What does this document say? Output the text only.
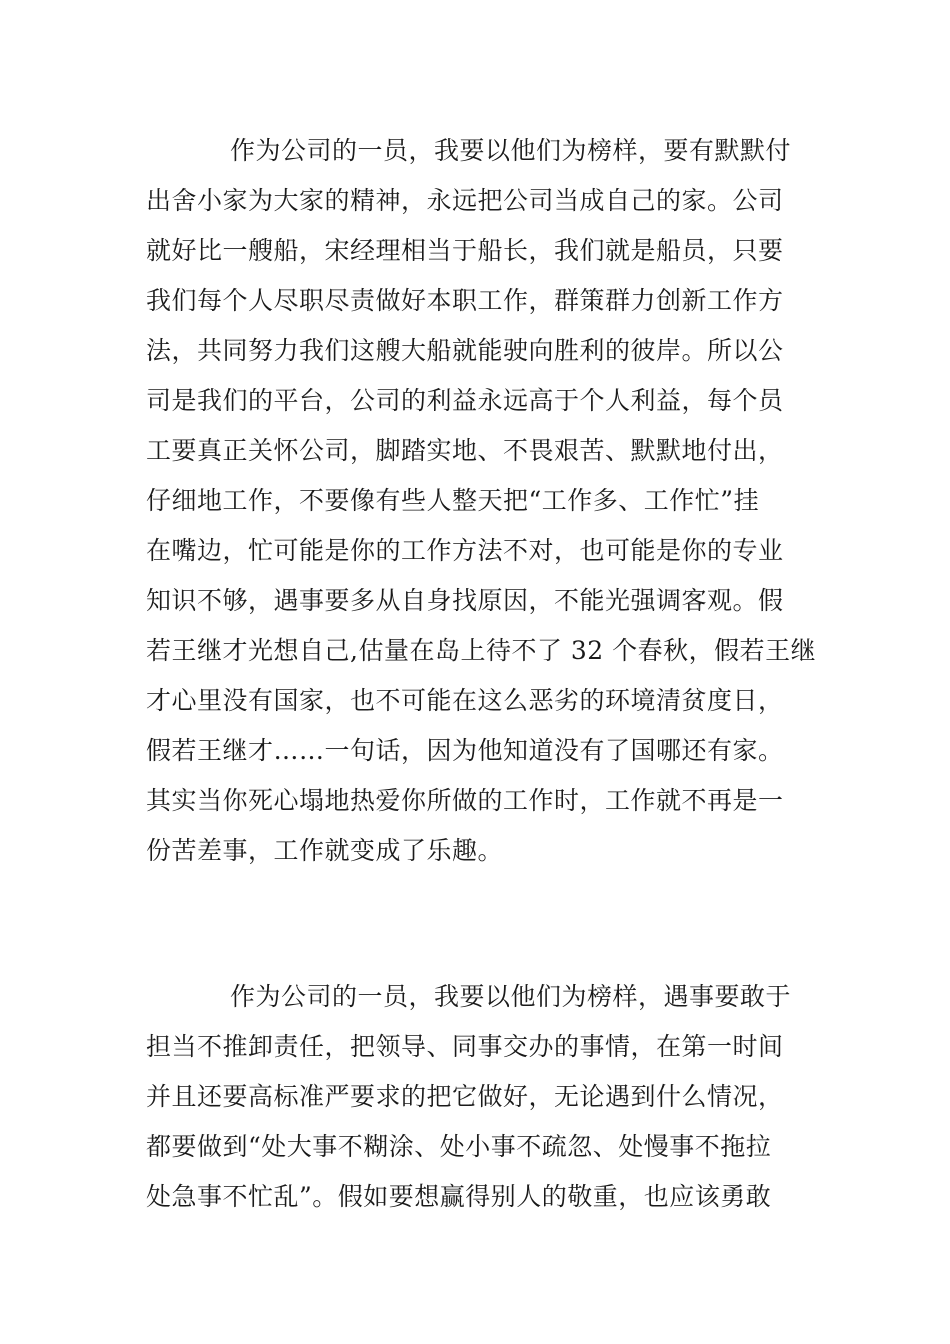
作为公司的一员，我要以他们为榜样，要有默默付
出舍小家为大家的精神，永远把公司当成自己的家。公司
就好比一艘船，宋经理相当于船长，我们就是船员，只要
我们每个人尽职尽责做好本职工作，群策群力创新工作方
法，共同努力我们这艘大船就能驶向胜利的彼岸。所以公
司是我们的平台，公司的利益永远高于个人利益，每个员
工要真正关怀公司，脚踏实地、不畏艰苦、默默地付出，
仔细地工作，不要像有些人整天把“工作多、工作忙”挂
在嘴边，忙可能是你的工作方法不对，也可能是你的专业
知识不够，遇事要多从自身找原因，不能光强调客观。假
若王继才光想自己,估量在岛上待不了 32 个春秋，假若王继
才心里没有国家，也不可能在这么恶劣的环境清贫度日，
假若王继才……一句话，因为他知道没有了国哪还有家。
其实当你死心塌地热爱你所做的工作时，工作就不再是一
份苦差事，工作就变成了乐趣。
作为公司的一员，我要以他们为榜样，遇事要敢于
担当不推卸责任，把领导、同事交办的事情，在第一时间
并且还要高标准严要求的把它做好，无论遇到什么情况，
都要做到“处大事不糊涂、处小事不疏忽、处慢事不拖拉
处急事不忙乱”。假如要想赢得别人的敬重，也应该勇敢
